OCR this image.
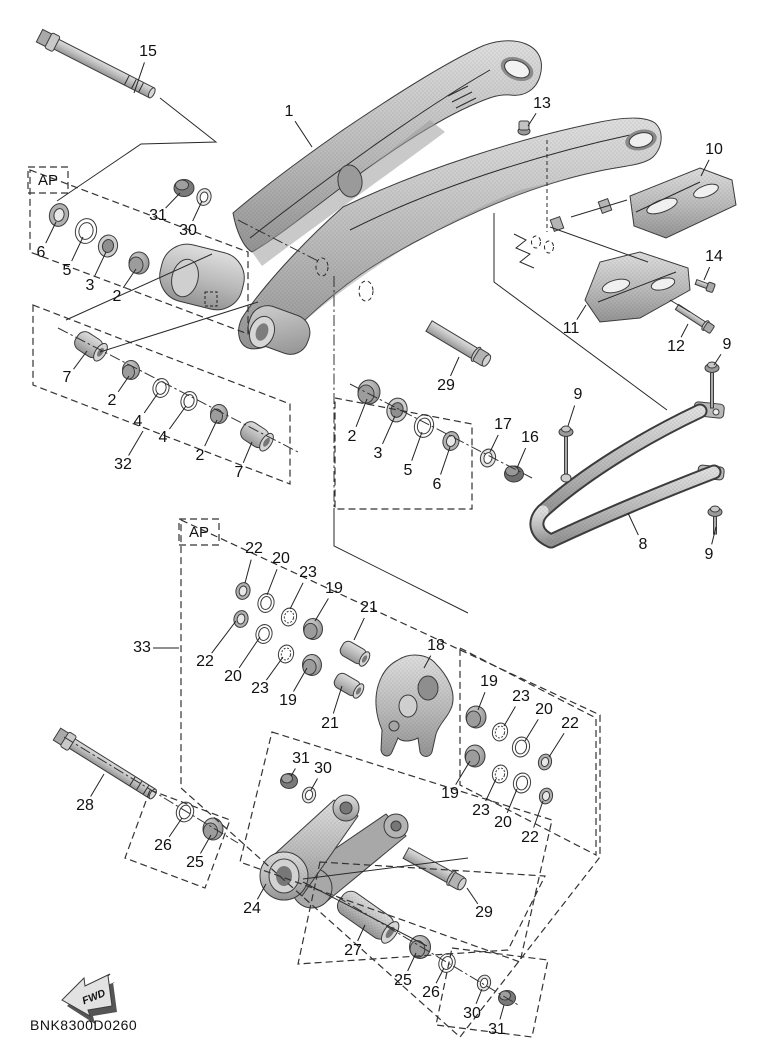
15
1	13
10
31
30
6
5
3
2
14
11
12 9
7
2
4
4
2
7
32
29
2
3
5
6
17
16
9
8
9
33
22
20
23
19
21
18
22
20
23
19
21
19
23
20
22
19
23
20
22
28
26
25
31
30
24	29
27
25
26
30
31
AP
AP
FWD
BNK8300D0260
